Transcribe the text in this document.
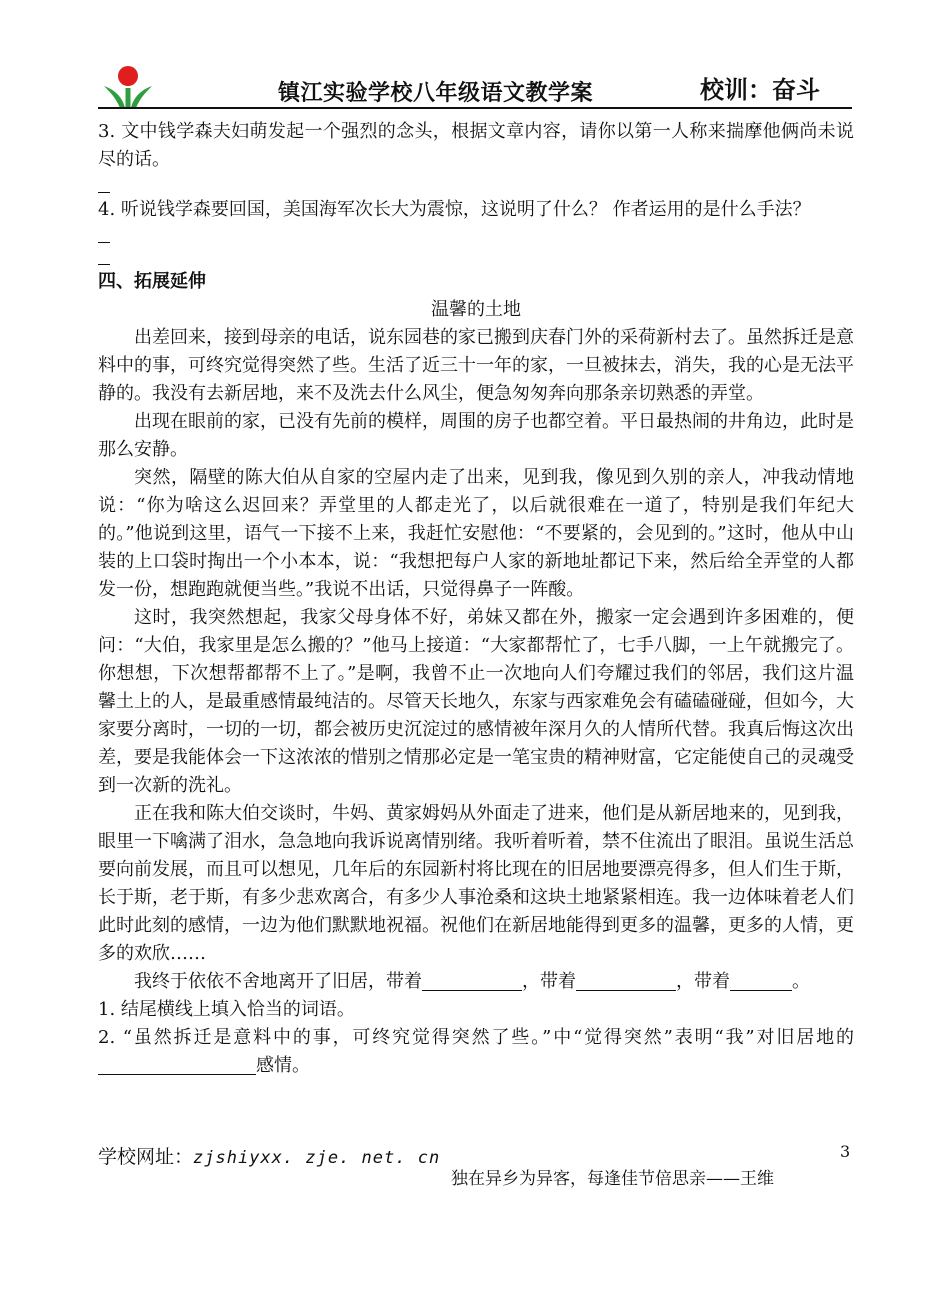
镇江实验学校八年级语文教学案	校训：奋斗

3. 文中钱学森夫妇萌发起一个强烈的念头，根据文章内容，请你以第一人称来揣摩他俩尚未说尽的话。

4. 听说钱学森要回国，美国海军次长大为震惊，这说明了什么？ 作者运用的是什么手法？

四、拓展延伸

温馨的土地

出差回来，接到母亲的电话，说东园巷的家已搬到庆春门外的采荷新村去了。虽然拆迁是意料中的事，可终究觉得突然了些。生活了近三十一年的家，一旦被抹去，消失，我的心是无法平静的。我没有去新居地，来不及洗去什么风尘，便急匆匆奔向那条亲切熟悉的弄堂。

出现在眼前的家，已没有先前的模样，周围的房子也都空着。平日最热闹的井角边，此时是那么安静。

突然，隔壁的陈大伯从自家的空屋内走了出来，见到我，像见到久别的亲人，冲我动情地说：“你为啥这么迟回来？弄堂里的人都走光了，以后就很难在一道了，特别是我们年纪大的。”他说到这里，语气一下接不上来，我赶忙安慰他：“不要紧的，会见到的。”这时，他从中山装的上口袋时掏出一个小本本，说：“我想把每户人家的新地址都记下来，然后给全弄堂的人都发一份，想跑跑就便当些。”我说不出话，只觉得鼻子一阵酸。

这时，我突然想起，我家父母身体不好，弟妹又都在外，搬家一定会遇到许多困难的，便问：“大伯，我家里是怎么搬的？”他马上接道：“大家都帮忙了，七手八脚，一上午就搬完了。你想想，下次想帮都帮不上了。”是啊，我曾不止一次地向人们夸耀过我们的邻居，我们这片温馨土上的人，是最重感情最纯洁的。尽管天长地久，东家与西家难免会有磕磕碰碰，但如今，大家要分离时，一切的一切，都会被历史沉淀过的感情被年深月久的人情所代替。我真后悔这次出差，要是我能体会一下这浓浓的惜别之情那必定是一笔宝贵的精神财富，它定能使自己的灵魂受到一次新的洗礼。

正在我和陈大伯交谈时，牛妈、黄家姆妈从外面走了进来，他们是从新居地来的，见到我，眼里一下噙满了泪水，急急地向我诉说离情别绪。我听着听着，禁不住流出了眼泪。虽说生活总要向前发展，而且可以想见，几年后的东园新村将比现在的旧居地要漂亮得多，但人们生于斯，长于斯，老于斯，有多少悲欢离合，有多少人事沧桑和这块土地紧紧相连。我一边体味着老人们此时此刻的感情，一边为他们默默地祝福。祝他们在新居地能得到更多的温馨，更多的人情，更多的欢欣……

我终于依依不舍地离开了旧居，带着	，带着	，带着	。

1. 结尾横线上填入恰当的词语。

2. “虽然拆迁是意料中的事，可终究觉得突然了些。”中“觉得突然”表明“我”对旧居地的感情。

学校网址：zjshiyxx. zje. net. cn	3
独在异乡为异客，每逢佳节倍思亲——王维
